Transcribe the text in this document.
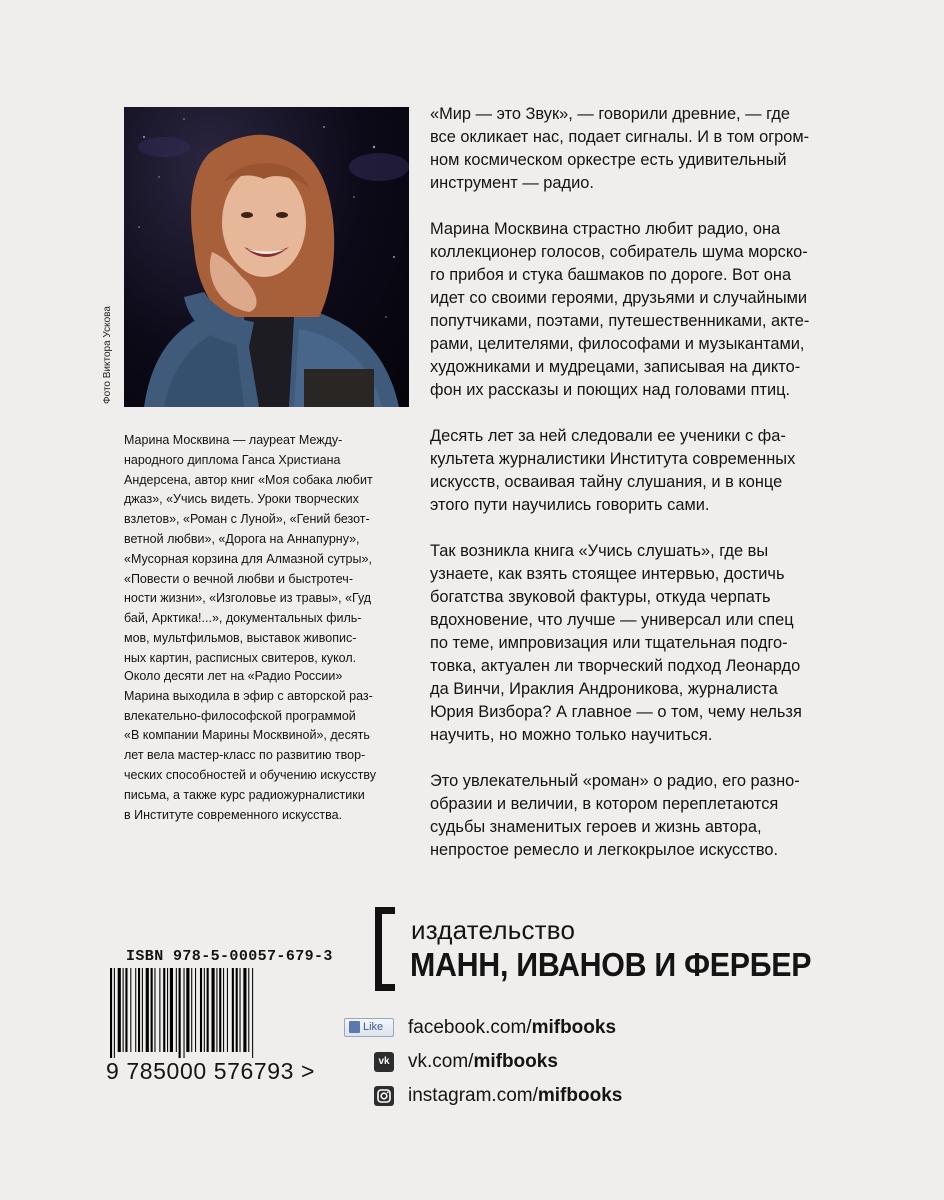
Фото Виктора Ускова

Марина Москвина — лауреат Между-
народного диплома Ганса Христиана
Андерсена, автор книг «Моя собака любит
джаз», «Учись видеть. Уроки творческих
взлетов», «Роман с Луной», «Гений безот-
ветной любви», «Дорога на Аннапурну»,
«Мусорная корзина для Алмазной сутры»,
«Повести о вечной любви и быстротеч-
ности жизни», «Изголовье из травы», «Гуд
бай, Арктика!...», документальных филь-
мов, мультфильмов, выставок живопис-
ных картин, расписных свитеров, кукол.

Около десяти лет на «Радио России»
Марина выходила в эфир с авторской раз-
влекательно-философской программой
«В компании Марины Москвиной», десять
лет вела мастер-класс по развитию твор-
ческих способностей и обучению искусству
письма, а также курс радиожурналистики
в Институте современного искусства.

«Мир — это Звук», — говорили древние, — где
все окликает нас, подает сигналы. И в том огром-
ном космическом оркестре есть удивительный
инструмент — радио.

Марина Москвина страстно любит радио, она
коллекционер голосов, собиратель шума морско-
го прибоя и стука башмаков по дороге. Вот она
идет со своими героями, друзьями и случайными
попутчиками, поэтами, путешественниками, акте-
рами, целителями, философами и музыкантами,
художниками и мудрецами, записывая на дикто-
фон их рассказы и поющих над головами птиц.

Десять лет за ней следовали ее ученики с фа-
культета журналистики Института современных
искусств, осваивая тайну слушания, и в конце
этого пути научились говорить сами.

Так возникла книга «Учись слушать», где вы
узнаете, как взять стоящее интервью, достичь
богатства звуковой фактуры, откуда черпать
вдохновение, что лучше — универсал или спец
по теме, импровизация или тщательная подго-
товка, актуален ли творческий подход Леонардо
да Винчи, Ираклия Андроникова, журналиста
Юрия Визбора? А главное — о том, чему нельзя
научить, но можно только научиться.

Это увлекательный «роман» о радио, его разно-
образии и величии, в котором переплетаются
судьбы знаменитых героев и жизнь автора,
непростое ремесло и легкокрылое искусство.

издательство
МАНН, ИВАНОВ И ФЕРБЕР
ISBN 978-5-00057-679-3
9 785000 576793 >
Like	facebook.com/mifbooks
vk vk.com/mifbooks
instagram.com/mifbooks
